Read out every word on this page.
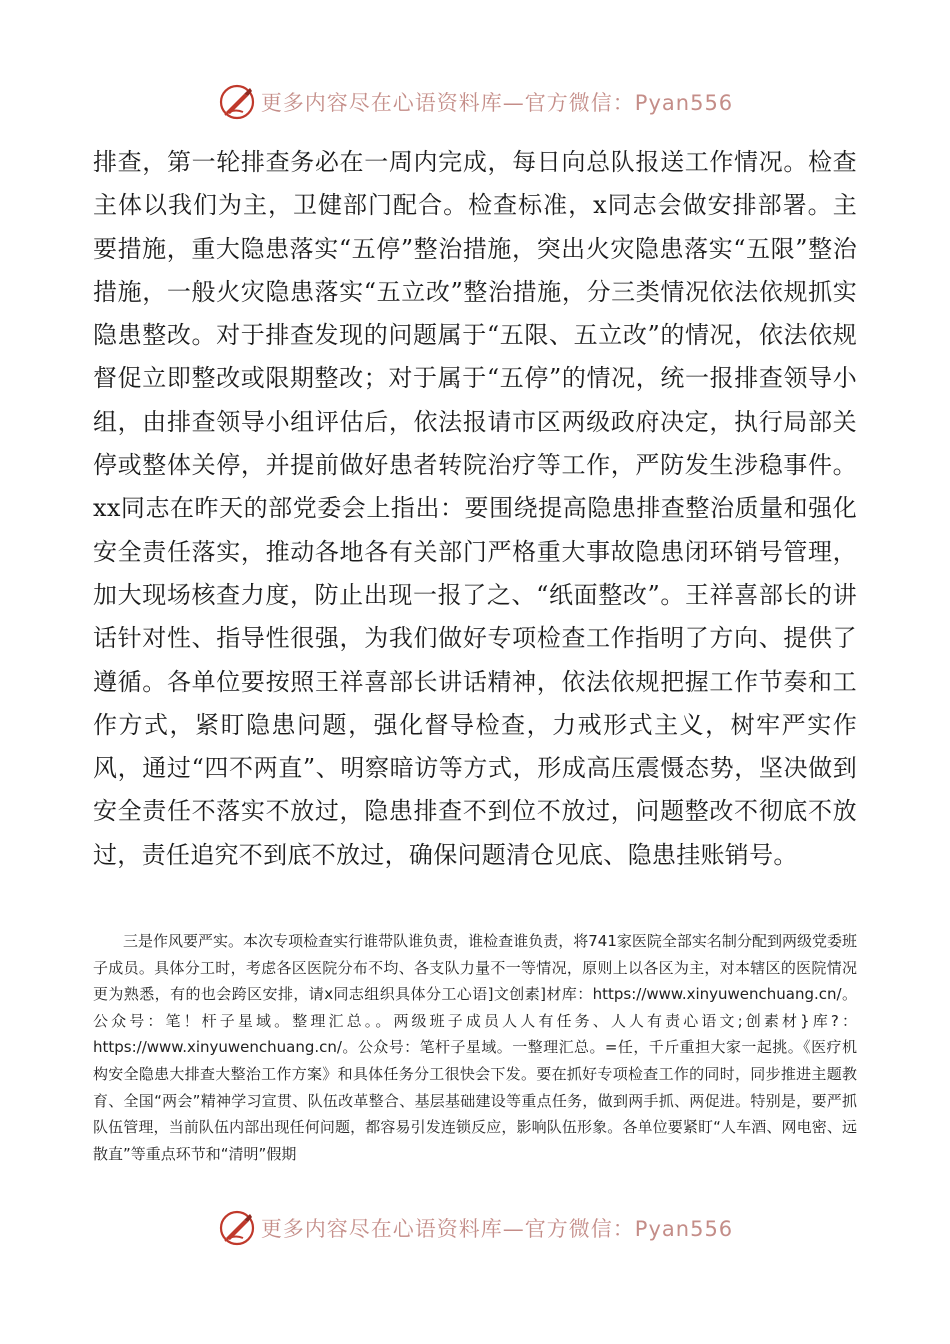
更多内容尽在心语资料库—官方微信：Pyan556

排查，第一轮排查务必在一周内完成，每日向总队报送工作情况。检查主体以我们为主，卫健部门配合。检查标准，x同志会做安排部署。主要措施，重大隐患落实“五停”整治措施，突出火灾隐患落实“五限”整治措施，一般火灾隐患落实“五立改”整治措施，分三类情况依法依规抓实隐患整改。对于排查发现的问题属于“五限、五立改”的情况，依法依规督促立即整改或限期整改；对于属于“五停”的情况，统一报排查领导小组，由排查领导小组评估后，依法报请市区两级政府决定，执行局部关停或整体关停，并提前做好患者转院治疗等工作，严防发生涉稳事件。xx同志在昨天的部党委会上指出：要围绕提高隐患排查整治质量和强化安全责任落实，推动各地各有关部门严格重大事故隐患闭环销号管理，加大现场核查力度，防止出现一报了之、“纸面整改”。王祥喜部长的讲话针对性、指导性很强，为我们做好专项检查工作指明了方向、提供了遵循。各单位要按照王祥喜部长讲话精神，依法依规把握工作节奏和工作方式，紧盯隐患问题，强化督导检查，力戒形式主义，树牢严实作风，通过“四不两直”、明察暗访等方式，形成高压震慑态势，坚决做到安全责任不落实不放过，隐患排查不到位不放过，问题整改不彻底不放过，责任追究不到底不放过，确保问题清仓见底、隐患挂账销号。

三是作风要严实。本次专项检查实行谁带队谁负责，谁检查谁负责，将741家医院全部实名制分配到两级党委班子成员。具体分工时，考虑各区医院分布不均、各支队力量不一等情况，原则上以各区为主，对本辖区的医院情况更为熟悉，有的也会跨区安排，请x同志组织具体分工心语]文创素]材库：https://www.xinyuwenchuang.cn/。公众号：笔！杆子星域。整理汇总。。两级班子成员人人有任务、人人有责心语文;创素材}库?：https://www.xinyuwenchuang.cn/。公众号：笔杆子星域。一整理汇总。=任，千斤重担大家一起挑。《医疗机构安全隐患大排查大整治工作方案》和具体任务分工很快会下发。要在抓好专项检查工作的同时，同步推进主题教育、全国“两会”精神学习宣贯、队伍改革整合、基层基础建设等重点任务，做到两手抓、两促进。特别是，要严抓队伍管理，当前队伍内部出现任何问题，都容易引发连锁反应，影响队伍形象。各单位要紧盯“人车酒、网电密、远散直”等重点环节和“清明”假期

更多内容尽在心语资料库—官方微信：Pyan556
